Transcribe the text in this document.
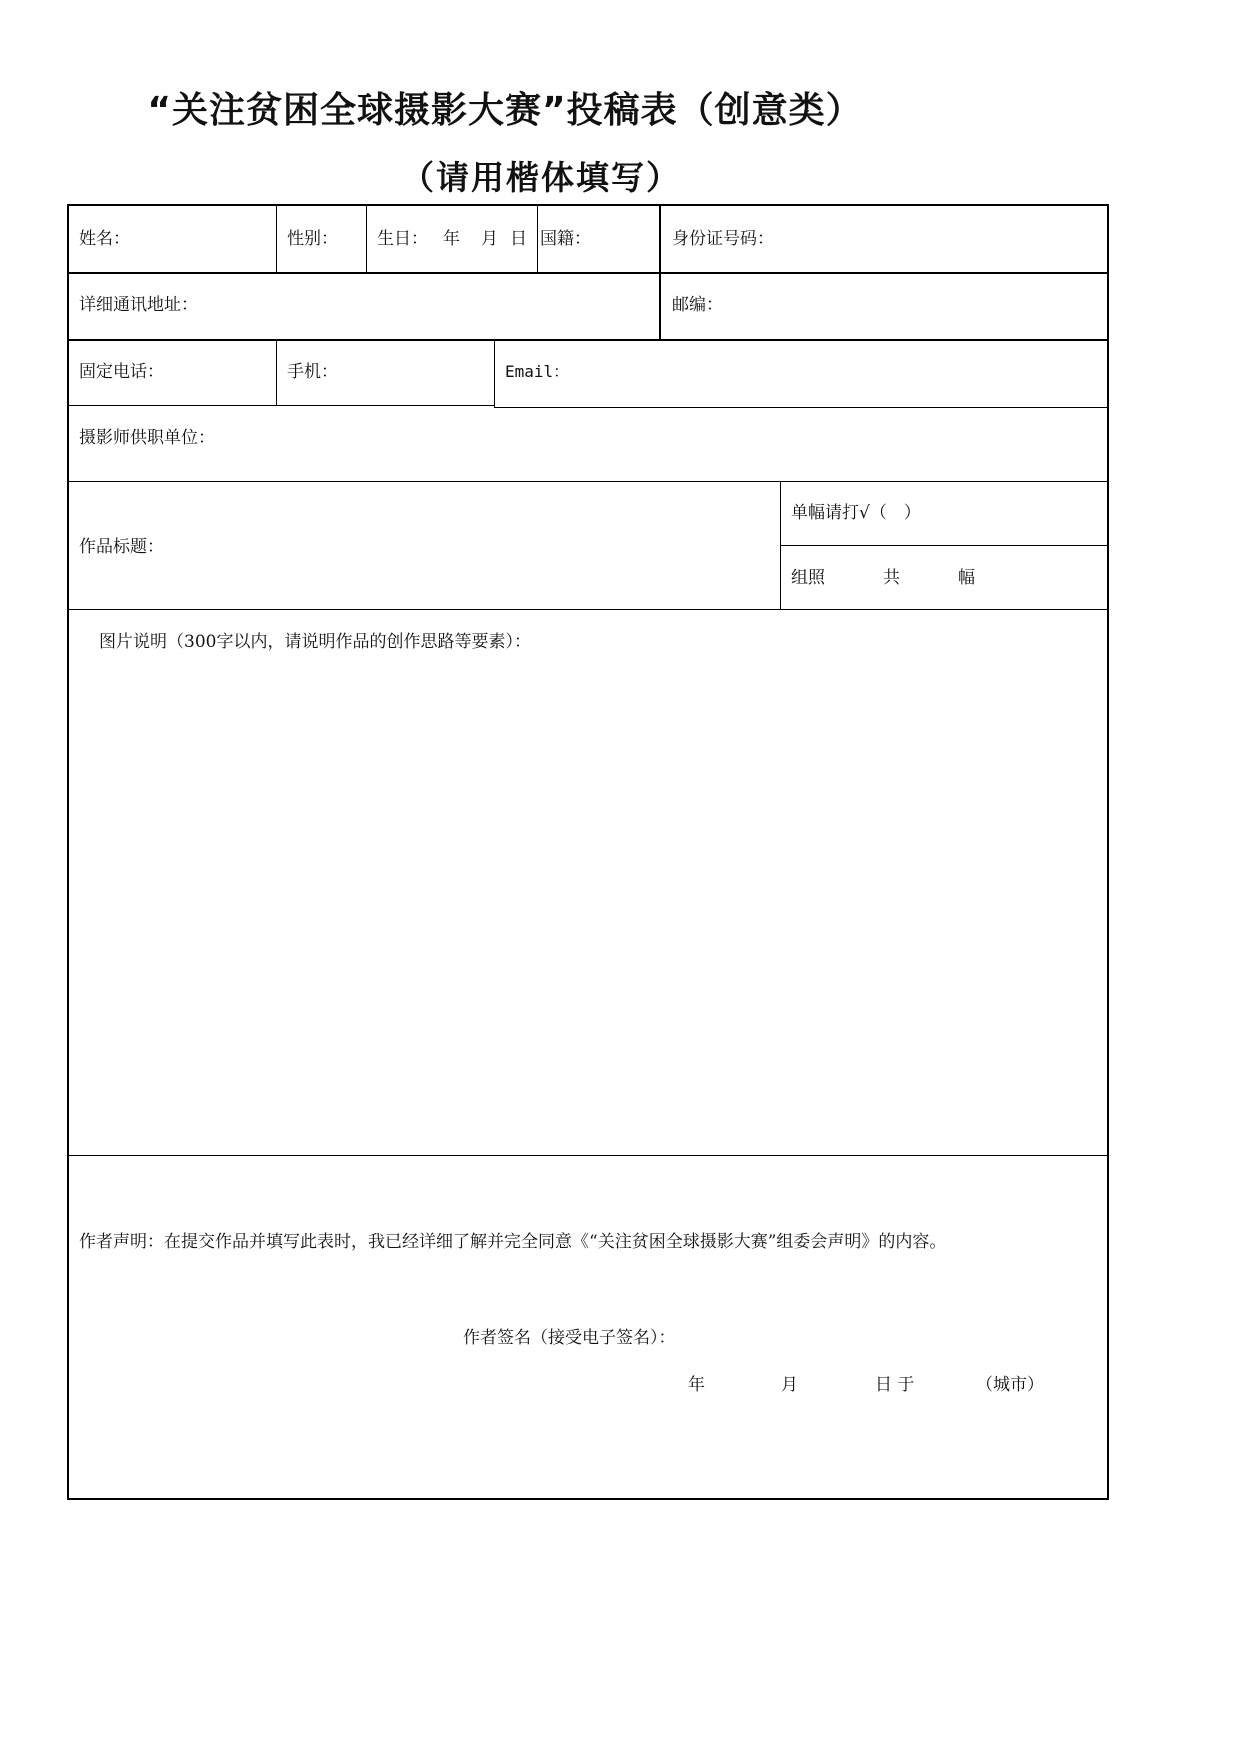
“关注贫困全球摄影大赛”投稿表（创意类）
（请用楷体填写）
姓名：	性别： 生日： 年 月 日 国籍：	身份证号码：
详细通讯地址：	邮编：
固定电话：	手机：	Email：
摄影师供职单位：
作品标题：
单幅请打√（　）
组照	共	幅
图片说明（300字以内，请说明作品的创作思路等要素）：
作者声明：在提交作品并填写此表时，我已经详细了解并完全同意《“关注贫困全球摄影大赛”组委会声明》的内容。
作者签名（接受电子签名）：
年	月	日 于	（城市）
